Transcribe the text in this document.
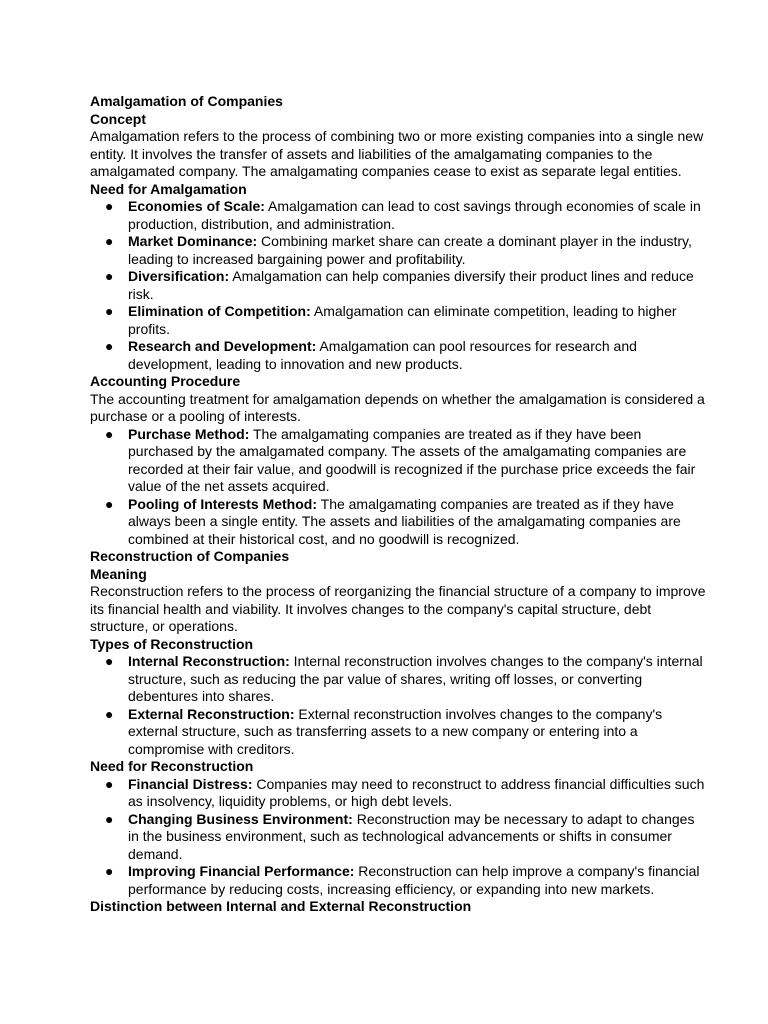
Amalgamation of Companies
Concept
Amalgamation refers to the process of combining two or more existing companies into a single new entity. It involves the transfer of assets and liabilities of the amalgamating companies to the amalgamated company. The amalgamating companies cease to exist as separate legal entities.
Need for Amalgamation
● Economies of Scale: Amalgamation can lead to cost savings through economies of scale in production, distribution, and administration.
● Market Dominance: Combining market share can create a dominant player in the industry, leading to increased bargaining power and profitability.
● Diversification: Amalgamation can help companies diversify their product lines and reduce risk.
● Elimination of Competition: Amalgamation can eliminate competition, leading to higher profits.
● Research and Development: Amalgamation can pool resources for research and development, leading to innovation and new products.
Accounting Procedure
The accounting treatment for amalgamation depends on whether the amalgamation is considered a purchase or a pooling of interests.
● Purchase Method: The amalgamating companies are treated as if they have been purchased by the amalgamated company. The assets of the amalgamating companies are recorded at their fair value, and goodwill is recognized if the purchase price exceeds the fair value of the net assets acquired.
● Pooling of Interests Method: The amalgamating companies are treated as if they have always been a single entity. The assets and liabilities of the amalgamating companies are combined at their historical cost, and no goodwill is recognized.
Reconstruction of Companies
Meaning
Reconstruction refers to the process of reorganizing the financial structure of a company to improve its financial health and viability. It involves changes to the company's capital structure, debt structure, or operations.
Types of Reconstruction
● Internal Reconstruction: Internal reconstruction involves changes to the company's internal structure, such as reducing the par value of shares, writing off losses, or converting debentures into shares.
● External Reconstruction: External reconstruction involves changes to the company's external structure, such as transferring assets to a new company or entering into a compromise with creditors.
Need for Reconstruction
● Financial Distress: Companies may need to reconstruct to address financial difficulties such as insolvency, liquidity problems, or high debt levels.
● Changing Business Environment: Reconstruction may be necessary to adapt to changes in the business environment, such as technological advancements or shifts in consumer demand.
● Improving Financial Performance: Reconstruction can help improve a company's financial performance by reducing costs, increasing efficiency, or expanding into new markets.
Distinction between Internal and External Reconstruction
